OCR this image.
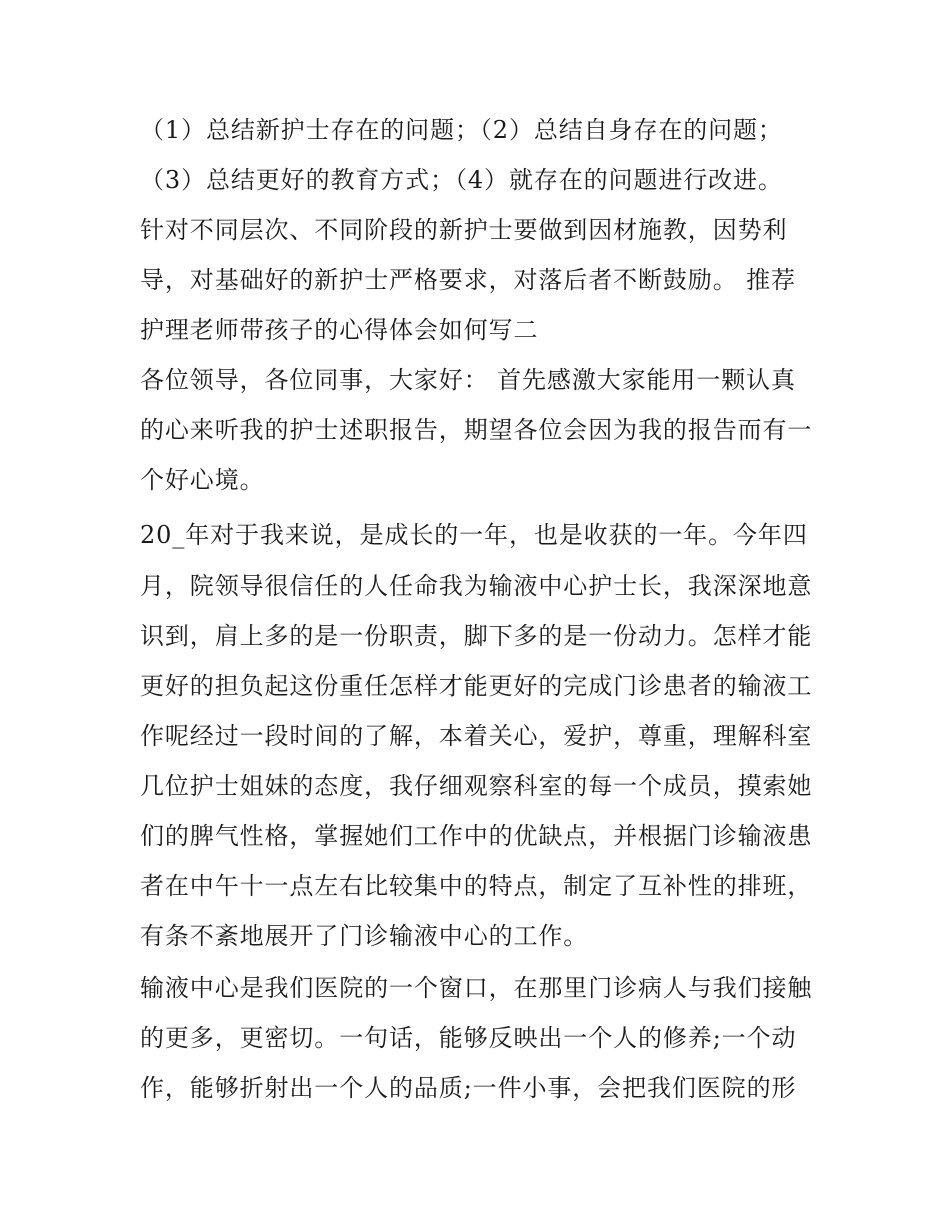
（1）总结新护士存在的问题；（2）总结自身存在的问题；
（3）总结更好的教育方式；（4）就存在的问题进行改进。
针对不同层次、不同阶段的新护士要做到因材施教，因势利
导，对基础好的新护士严格要求，对落后者不断鼓励。 推荐
护理老师带孩子的心得体会如何写二
各位领导，各位同事，大家好： 首先感激大家能用一颗认真
的心来听我的护士述职报告，期望各位会因为我的报告而有一
个好心境。
20_年对于我来说，是成长的一年，也是收获的一年。今年四
月，院领导很信任的人任命我为输液中心护士长，我深深地意
识到，肩上多的是一份职责，脚下多的是一份动力。怎样才能
更好的担负起这份重任怎样才能更好的完成门诊患者的输液工
作呢经过一段时间的了解，本着关心，爱护，尊重，理解科室
几位护士姐妹的态度，我仔细观察科室的每一个成员，摸索她
们的脾气性格，掌握她们工作中的优缺点，并根据门诊输液患
者在中午十一点左右比较集中的特点，制定了互补性的排班，
有条不紊地展开了门诊输液中心的工作。
输液中心是我们医院的一个窗口，在那里门诊病人与我们接触
的更多，更密切。一句话，能够反映出一个人的修养;一个动
作，能够折射出一个人的品质;一件小事，会把我们医院的形
